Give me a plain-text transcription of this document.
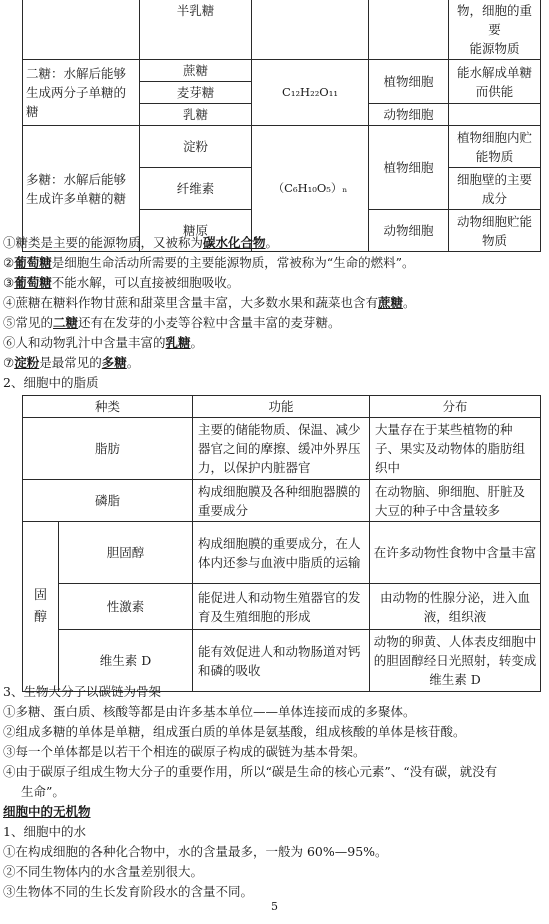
	半乳糖			物，细胞的重要
能源物质

二糖：水解后能够生成两分子单糖的糖	蔗糖	C₁₂H₂₂O₁₁	植物细胞	能水解成单糖而供能
	麦芽糖			
	乳糖		动物细胞	
多糖：水解后能够生成许多单糖的糖	淀粉	（C₆H₁₀O₅）ₙ	植物细胞	植物细胞内贮能物质
	纤维素			细胞壁的主要成分
	糖原		动物细胞	动物细胞贮能物质
①糖类是主要的能源物质，又被称为碳水化合物。
②葡萄糖是细胞生命活动所需要的主要能源物质，常被称为“生命的燃料”。
③葡萄糖不能水解，可以直接被细胞吸收。
④蔗糖在糖料作物甘蔗和甜菜里含量丰富，大多数水果和蔬菜也含有蔗糖。
⑤常见的二糖还有在发芽的小麦等谷粒中含量丰富的麦芽糖。
⑥人和动物乳汁中含量丰富的乳糖。
⑦淀粉是最常见的多糖。
2、细胞中的脂质
种类		功能	分布
脂肪		主要的储能物质、保温、减少器官之间的摩擦、缓冲外界压力，以保护内脏器官	大量存在于某些植物的种子、果实及动物体的脂肪组织中
磷脂		构成细胞膜及各种细胞器膜的重要成分	在动物脑、卵细胞、肝脏及大豆的种子中含量较多
固醇	胆固醇	构成细胞膜的重要成分，在人体内还参与血液中脂质的运输	在许多动物性食物中含量丰富
	性激素	能促进人和动物生殖器官的发育及生殖细胞的形成	由动物的性腺分泌，进入血液，组织液
	维生素 D	能有效促进人和动物肠道对钙和磷的吸收	动物的卵黄、人体表皮细胞中的胆固醇经日光照射，转变成维生素 D
3、生物大分子以碳链为骨架
①多糖、蛋白质、核酸等都是由许多基本单位——单体连接而成的多聚体。
②组成多糖的单体是单糖，组成蛋白质的单体是氨基酸，组成核酸的单体是核苷酸。
③每一个单体都是以若干个相连的碳原子构成的碳链为基本骨架。
④由于碳原子组成生物大分子的重要作用，所以“碳是生命的核心元素”、“没有碳，就没有
生命”。
细胞中的无机物
1、细胞中的水
①在构成细胞的各种化合物中，水的含量最多，一般为 60%—95%。
②不同生物体内的水含量差别很大。
③生物体不同的生长发育阶段水的含量不同。
5
